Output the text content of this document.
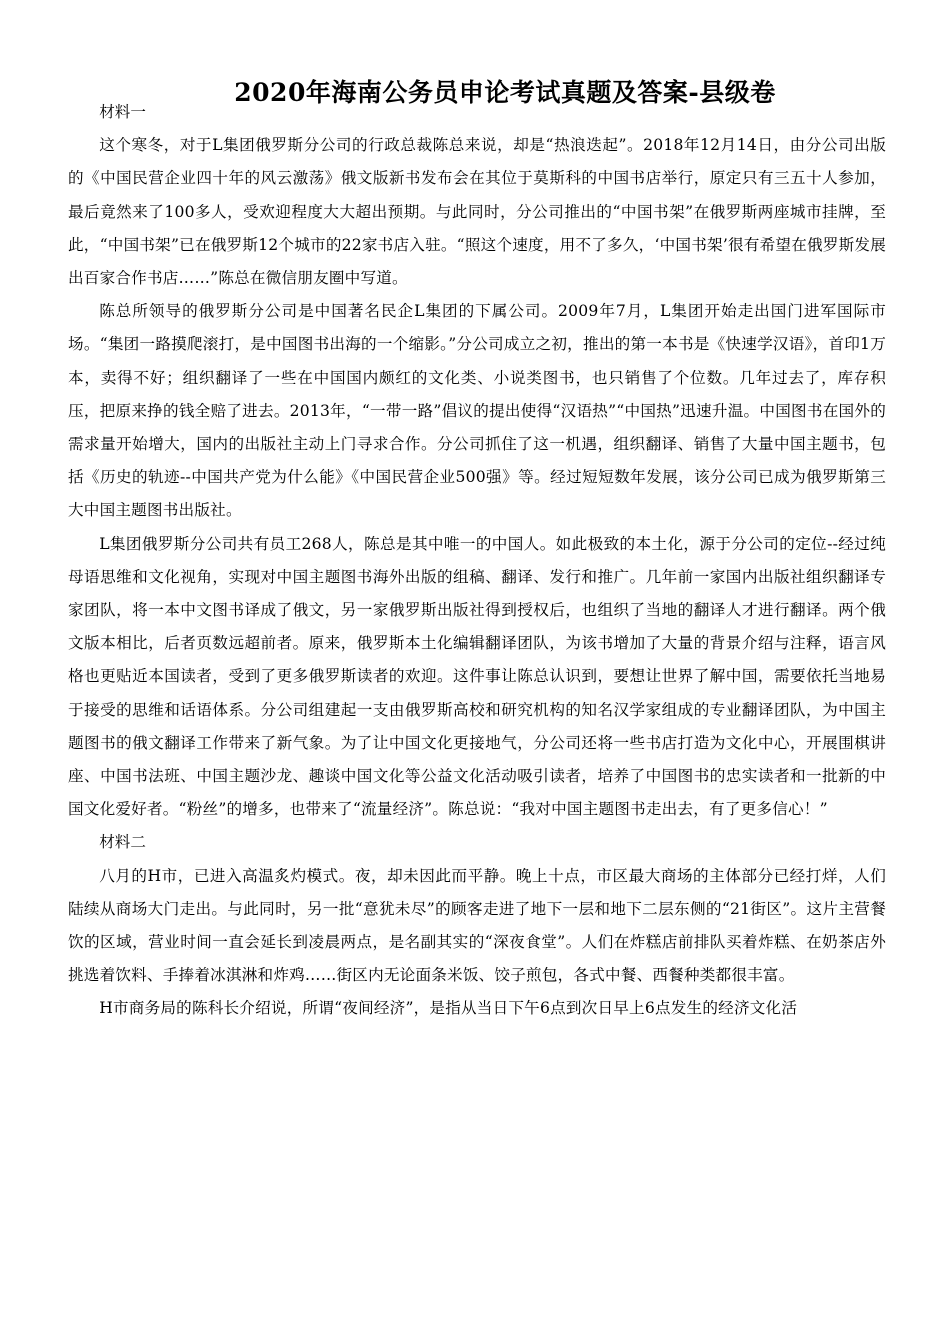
2020年海南公务员申论考试真题及答案-县级卷

材料一

这个寒冬，对于L集团俄罗斯分公司的行政总裁陈总来说，却是“热浪迭起”。2018年12月14日，由分公司出版的《中国民营企业四十年的风云激荡》俄文版新书发布会在其位于莫斯科的中国书店举行，原定只有三五十人参加，最后竟然来了100多人，受欢迎程度大大超出预期。与此同时，分公司推出的“中国书架”在俄罗斯两座城市挂牌，至此，“中国书架”已在俄罗斯12个城市的22家书店入驻。“照这个速度，用不了多久，‘中国书架’很有希望在俄罗斯发展出百家合作书店……”陈总在微信朋友圈中写道。

陈总所领导的俄罗斯分公司是中国著名民企L集团的下属公司。2009年7月，L集团开始走出国门进军国际市场。“集团一路摸爬滚打，是中国图书出海的一个缩影。”分公司成立之初，推出的第一本书是《快速学汉语》，首印1万本，卖得不好；组织翻译了一些在中国国内颇红的文化类、小说类图书，也只销售了个位数。几年过去了，库存积压，把原来挣的钱全赔了进去。2013年，“一带一路”倡议的提出使得“汉语热”“中国热”迅速升温。中国图书在国外的需求量开始增大，国内的出版社主动上门寻求合作。分公司抓住了这一机遇，组织翻译、销售了大量中国主题书，包括《历史的轨迹--中国共产党为什么能》《中国民营企业500强》等。经过短短数年发展，该分公司已成为俄罗斯第三大中国主题图书出版社。

L集团俄罗斯分公司共有员工268人，陈总是其中唯一的中国人。如此极致的本土化，源于分公司的定位--经过纯母语思维和文化视角，实现对中国主题图书海外出版的组稿、翻译、发行和推广。几年前一家国内出版社组织翻译专家团队，将一本中文图书译成了俄文，另一家俄罗斯出版社得到授权后，也组织了当地的翻译人才进行翻译。两个俄文版本相比，后者页数远超前者。原来，俄罗斯本土化编辑翻译团队，为该书增加了大量的背景介绍与注释，语言风格也更贴近本国读者，受到了更多俄罗斯读者的欢迎。这件事让陈总认识到，要想让世界了解中国，需要依托当地易于接受的思维和话语体系。分公司组建起一支由俄罗斯高校和研究机构的知名汉学家组成的专业翻译团队，为中国主题图书的俄文翻译工作带来了新气象。为了让中国文化更接地气，分公司还将一些书店打造为文化中心，开展围棋讲座、中国书法班、中国主题沙龙、趣谈中国文化等公益文化活动吸引读者，培养了中国图书的忠实读者和一批新的中国文化爱好者。“粉丝”的增多，也带来了“流量经济”。陈总说：“我对中国主题图书走出去，有了更多信心！”

材料二

八月的H市，已进入高温炙灼模式。夜，却未因此而平静。晚上十点，市区最大商场的主体部分已经打烊，人们陆续从商场大门走出。与此同时，另一批“意犹未尽”的顾客走进了地下一层和地下二层东侧的“21街区”。这片主营餐饮的区域，营业时间一直会延长到凌晨两点，是名副其实的“深夜食堂”。人们在炸糕店前排队买着炸糕、在奶茶店外挑选着饮料、手捧着冰淇淋和炸鸡……街区内无论面条米饭、饺子煎包，各式中餐、西餐种类都很丰富。

H市商务局的陈科长介绍说，所谓“夜间经济”，是指从当日下午6点到次日早上6点发生的经济文化活
